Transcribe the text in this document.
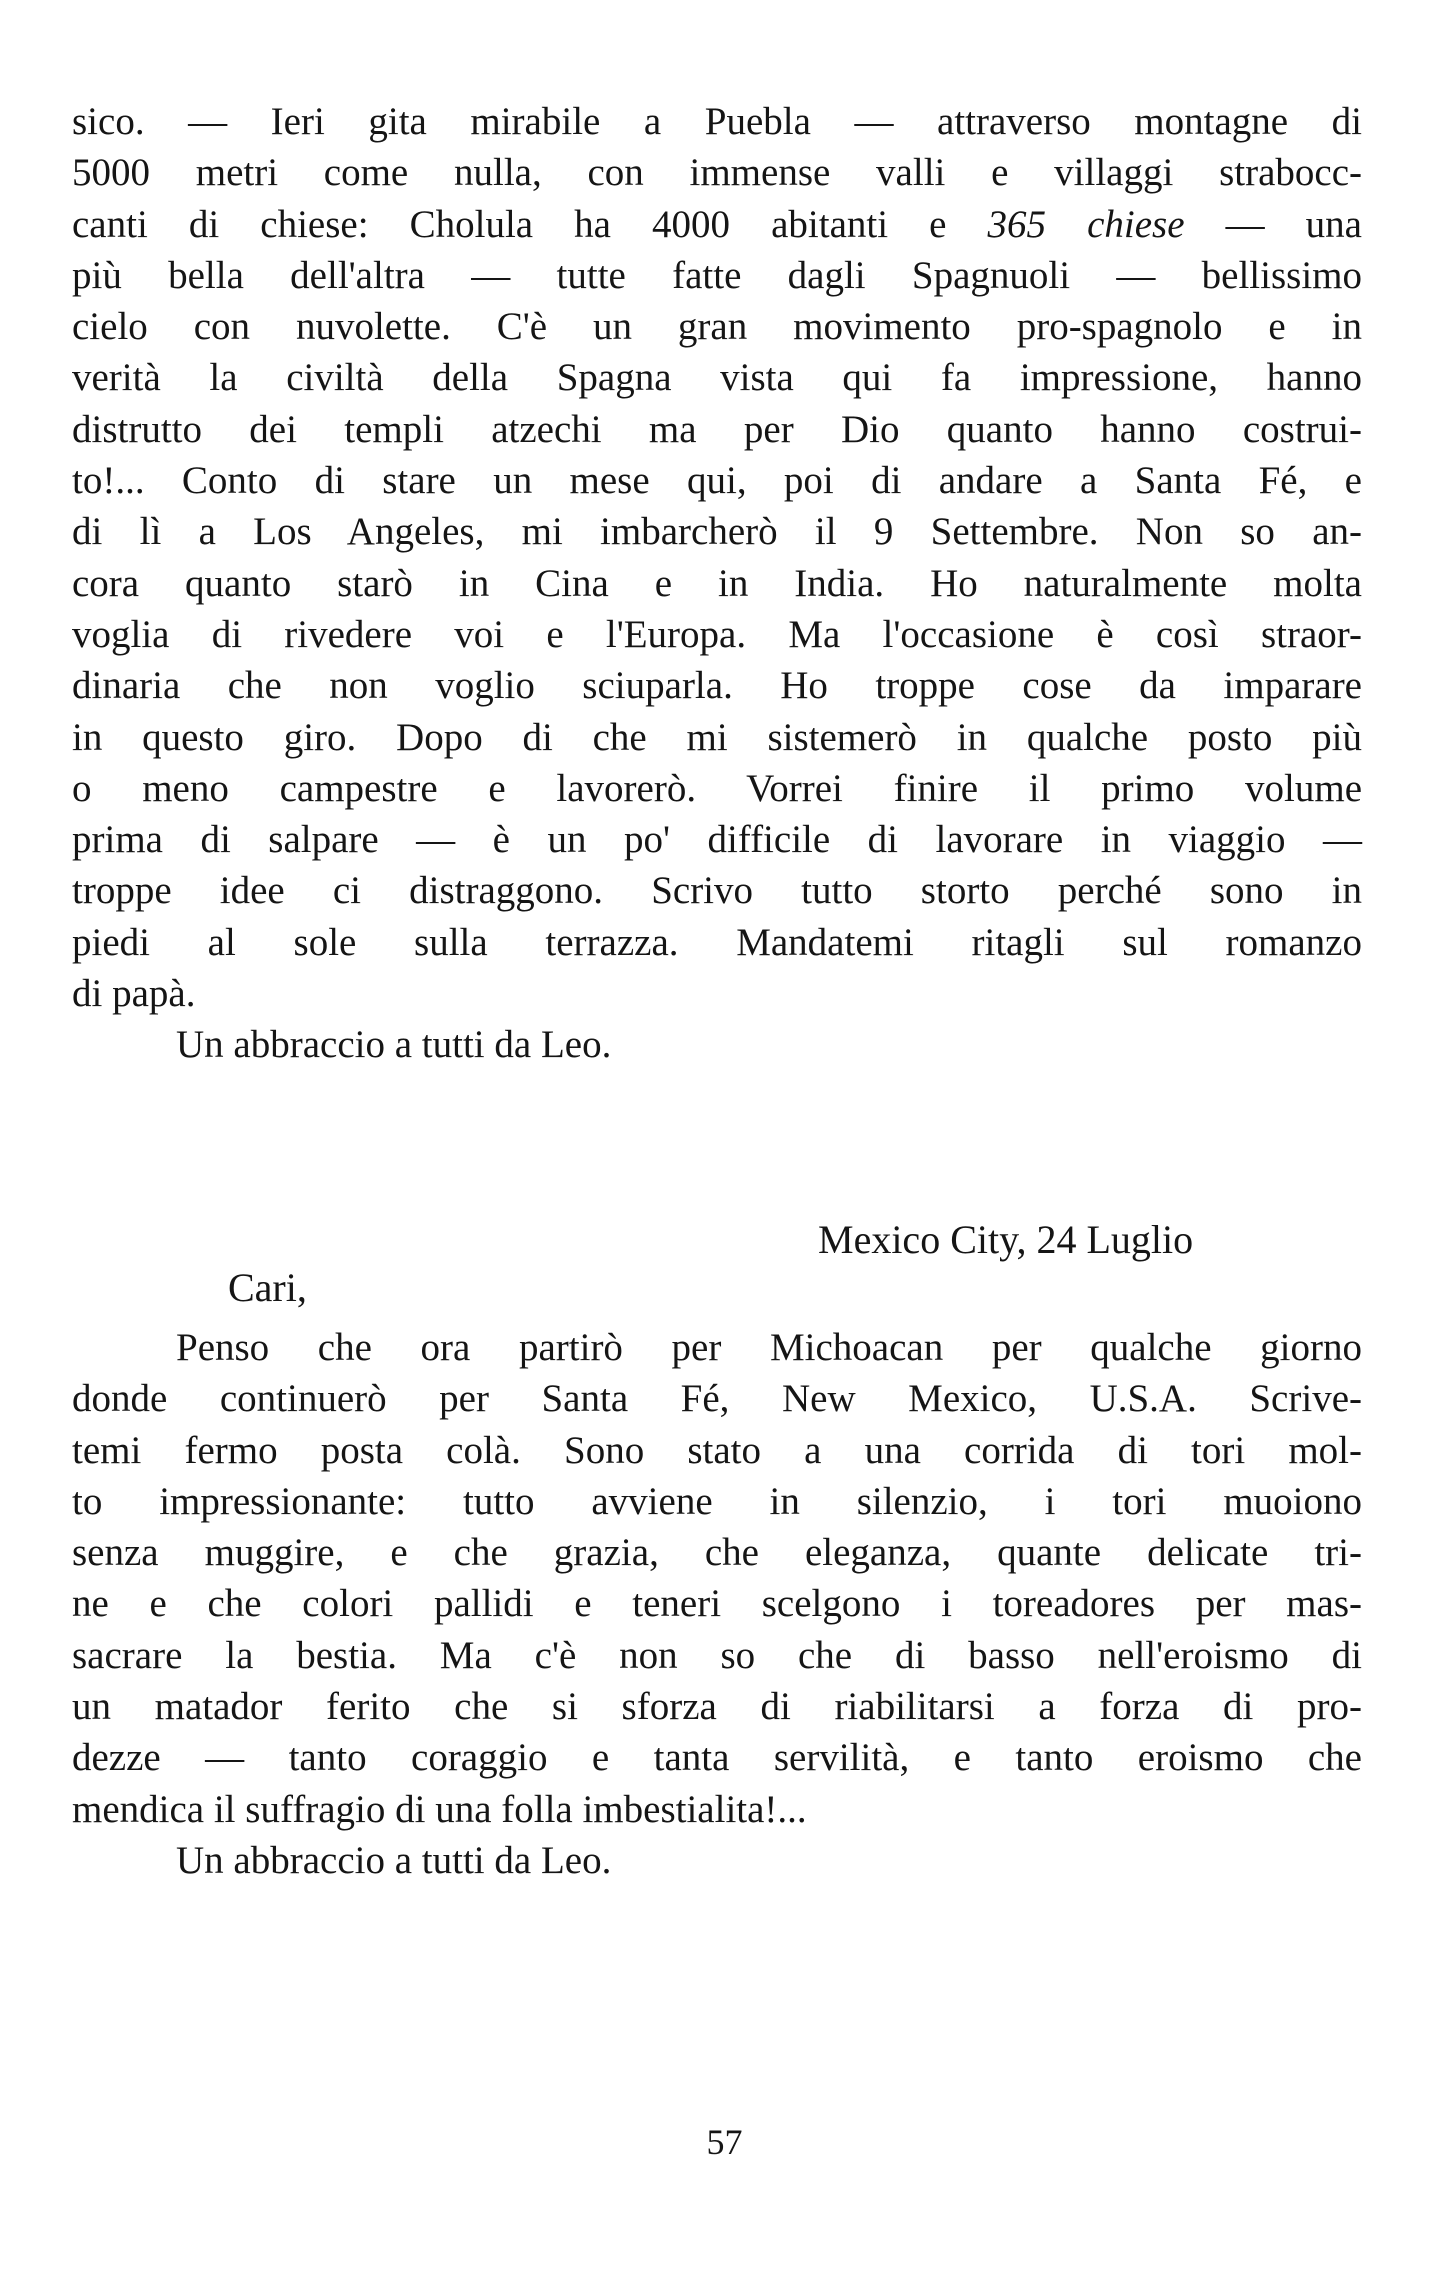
sico. — Ieri gita mirabile a Puebla — attraverso montagne di
5000 metri come nulla, con immense valli e villaggi strabocc-
canti di chiese: Cholula ha 4000 abitanti e 365 chiese — una
più bella dell'altra — tutte fatte dagli Spagnuoli — bellissimo
cielo con nuvolette. C'è un gran movimento pro-spagnolo e in
verità la civiltà della Spagna vista qui fa impressione, hanno
distrutto dei templi atzechi ma per Dio quanto hanno costrui-
to!... Conto di stare un mese qui, poi di andare a Santa Fé, e
di lì a Los Angeles, mi imbarcherò il 9 Settembre. Non so an-
cora quanto starò in Cina e in India. Ho naturalmente molta
voglia di rivedere voi e l'Europa. Ma l'occasione è così straor-
dinaria che non voglio sciuparla. Ho troppe cose da imparare
in questo giro. Dopo di che mi sistemerò in qualche posto più
o meno campestre e lavorerò. Vorrei finire il primo volume
prima di salpare — è un po' difficile di lavorare in viaggio —
troppe idee ci distraggono. Scrivo tutto storto perché sono in
piedi al sole sulla terrazza. Mandatemi ritagli sul romanzo
di papà.
Un abbraccio a tutti da Leo.
Mexico City, 24 Luglio
Cari,
Penso che ora partirò per Michoacan per qualche giorno
donde continuerò per Santa Fé, New Mexico, U.S.A. Scrive-
temi fermo posta colà. Sono stato a una corrida di tori mol-
to impressionante: tutto avviene in silenzio, i tori muoiono
senza muggire, e che grazia, che eleganza, quante delicate tri-
ne e che colori pallidi e teneri scelgono i toreadores per mas-
sacrare la bestia. Ma c'è non so che di basso nell'eroismo di
un matador ferito che si sforza di riabilitarsi a forza di pro-
dezze — tanto coraggio e tanta servilità, e tanto eroismo che
mendica il suffragio di una folla imbestialita!...
Un abbraccio a tutti da Leo.
57
